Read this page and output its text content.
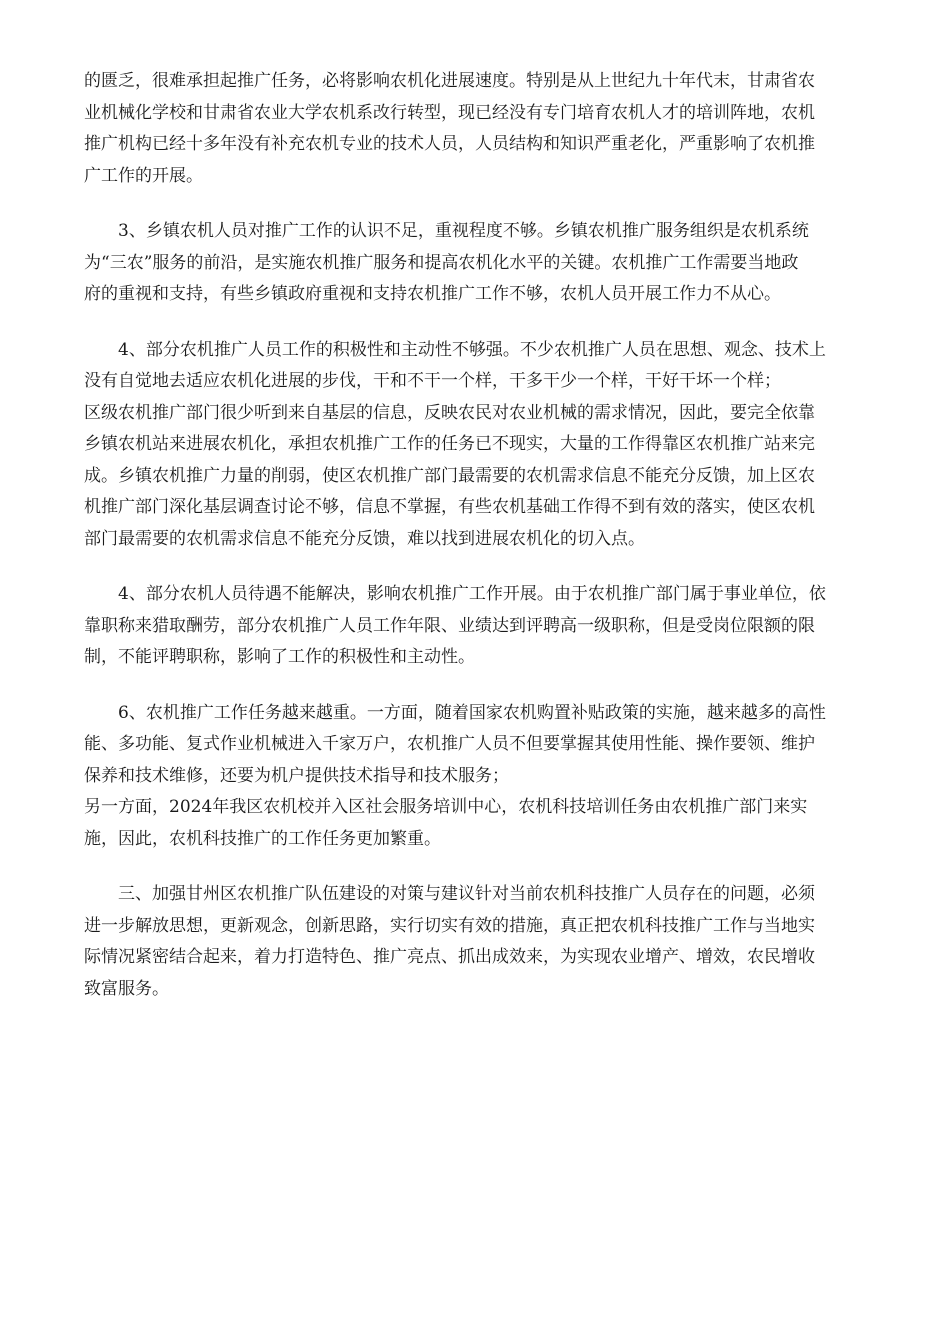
的匮乏，很难承担起推广任务，必将影响农机化进展速度。特别是从上世纪九十年代末，甘肃省农
业机械化学校和甘肃省农业大学农机系改行转型，现已经没有专门培育农机人才的培训阵地，农机
推广机构已经十多年没有补充农机专业的技术人员，人员结构和知识严重老化，严重影响了农机推
广工作的开展。
3、乡镇农机人员对推广工作的认识不足，重视程度不够。乡镇农机推广服务组织是农机系统
为“三农”服务的前沿，是实施农机推广服务和提高农机化水平的关键。农机推广工作需要当地政
府的重视和支持，有些乡镇政府重视和支持农机推广工作不够，农机人员开展工作力不从心。
4、部分农机推广人员工作的积极性和主动性不够强。不少农机推广人员在思想、观念、技术上
没有自觉地去适应农机化进展的步伐，干和不干一个样，干多干少一个样，干好干坏一个样；
区级农机推广部门很少听到来自基层的信息，反映农民对农业机械的需求情况，因此，要完全依靠
乡镇农机站来进展农机化，承担农机推广工作的任务已不现实，大量的工作得靠区农机推广站来完
成。乡镇农机推广力量的削弱，使区农机推广部门最需要的农机需求信息不能充分反馈，加上区农
机推广部门深化基层调查讨论不够，信息不掌握，有些农机基础工作得不到有效的落实，使区农机
部门最需要的农机需求信息不能充分反馈，难以找到进展农机化的切入点。
4、部分农机人员待遇不能解决，影响农机推广工作开展。由于农机推广部门属于事业单位，依
靠职称来猎取酬劳，部分农机推广人员工作年限、业绩达到评聘高一级职称，但是受岗位限额的限
制，不能评聘职称，影响了工作的积极性和主动性。
6、农机推广工作任务越来越重。一方面，随着国家农机购置补贴政策的实施，越来越多的高性
能、多功能、复式作业机械进入千家万户，农机推广人员不但要掌握其使用性能、操作要领、维护
保养和技术维修，还要为机户提供技术指导和技术服务；
另一方面，2024年我区农机校并入区社会服务培训中心，农机科技培训任务由农机推广部门来实
施，因此，农机科技推广的工作任务更加繁重。
三、加强甘州区农机推广队伍建设的对策与建议针对当前农机科技推广人员存在的问题，必须
进一步解放思想，更新观念，创新思路，实行切实有效的措施，真正把农机科技推广工作与当地实
际情况紧密结合起来，着力打造特色、推广亮点、抓出成效来，为实现农业增产、增效，农民增收
致富服务。
